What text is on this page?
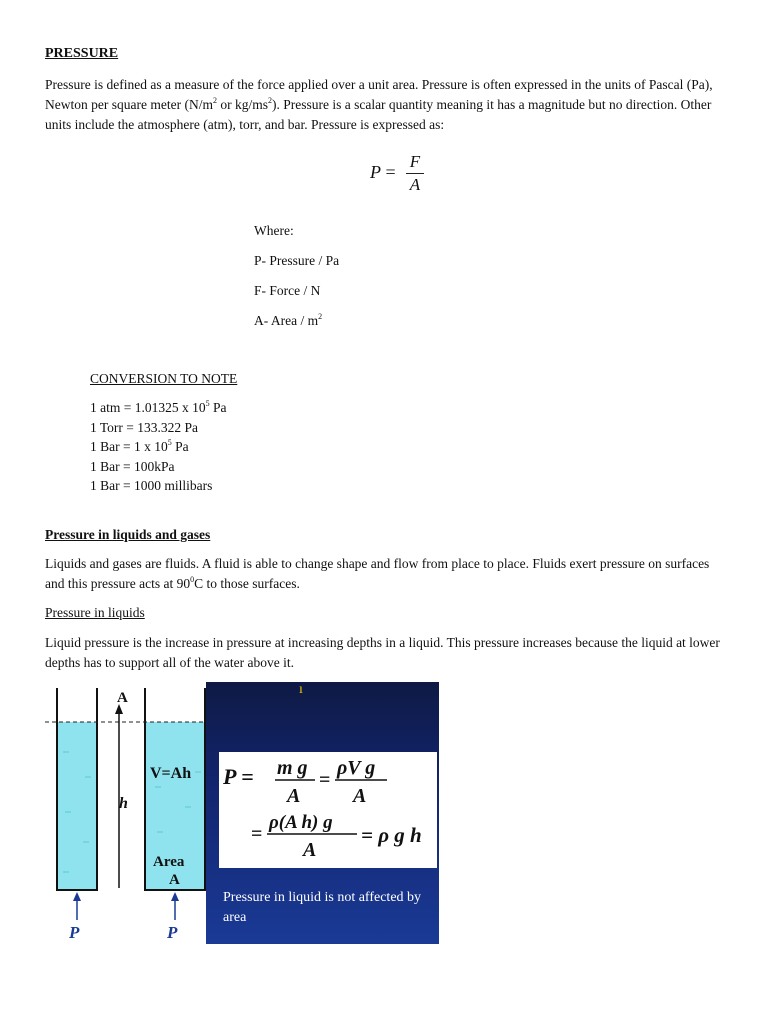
PRESSURE
Pressure is defined as a measure of the force applied over a unit area. Pressure is often expressed in the units of Pascal (Pa), Newton per square meter ($N/m^2$ or $kg/ms^2$). Pressure is a scalar quantity meaning it has a magnitude but no direction. Other units include the atmosphere (atm), torr, and bar. Pressure is expressed as:
P =
F
A
Where:
P- Pressure / Pa
F- Force / N
A- Area / $m^2$
CONVERSION TO NOTE
1 atm = 1.01325 x $10^5$ Pa
1 Torr = 133.322 Pa
1 Bar = 1 x $10^5$ Pa
1 Bar = 100kPa
1 Bar = 1000 millibars
Pressure in liquids and gases
Liquids and gases are fluids. A fluid is able to change shape and flow from place to place. Fluids exert pressure on surfaces and this pressure acts at $90^0C$ to those surfaces.
Pressure in liquids
Liquid pressure is the increase in pressure at increasing depths in a liquid. This pressure increases because the liquid at lower depths has to support all of the water above it.
A
V=Ah
h
Area
A
P	P
ı
P = m g
A
=
ρV g
A
=
ρ(A h) g
A
= ρ g h
Pressure in liquid is not affected by area
